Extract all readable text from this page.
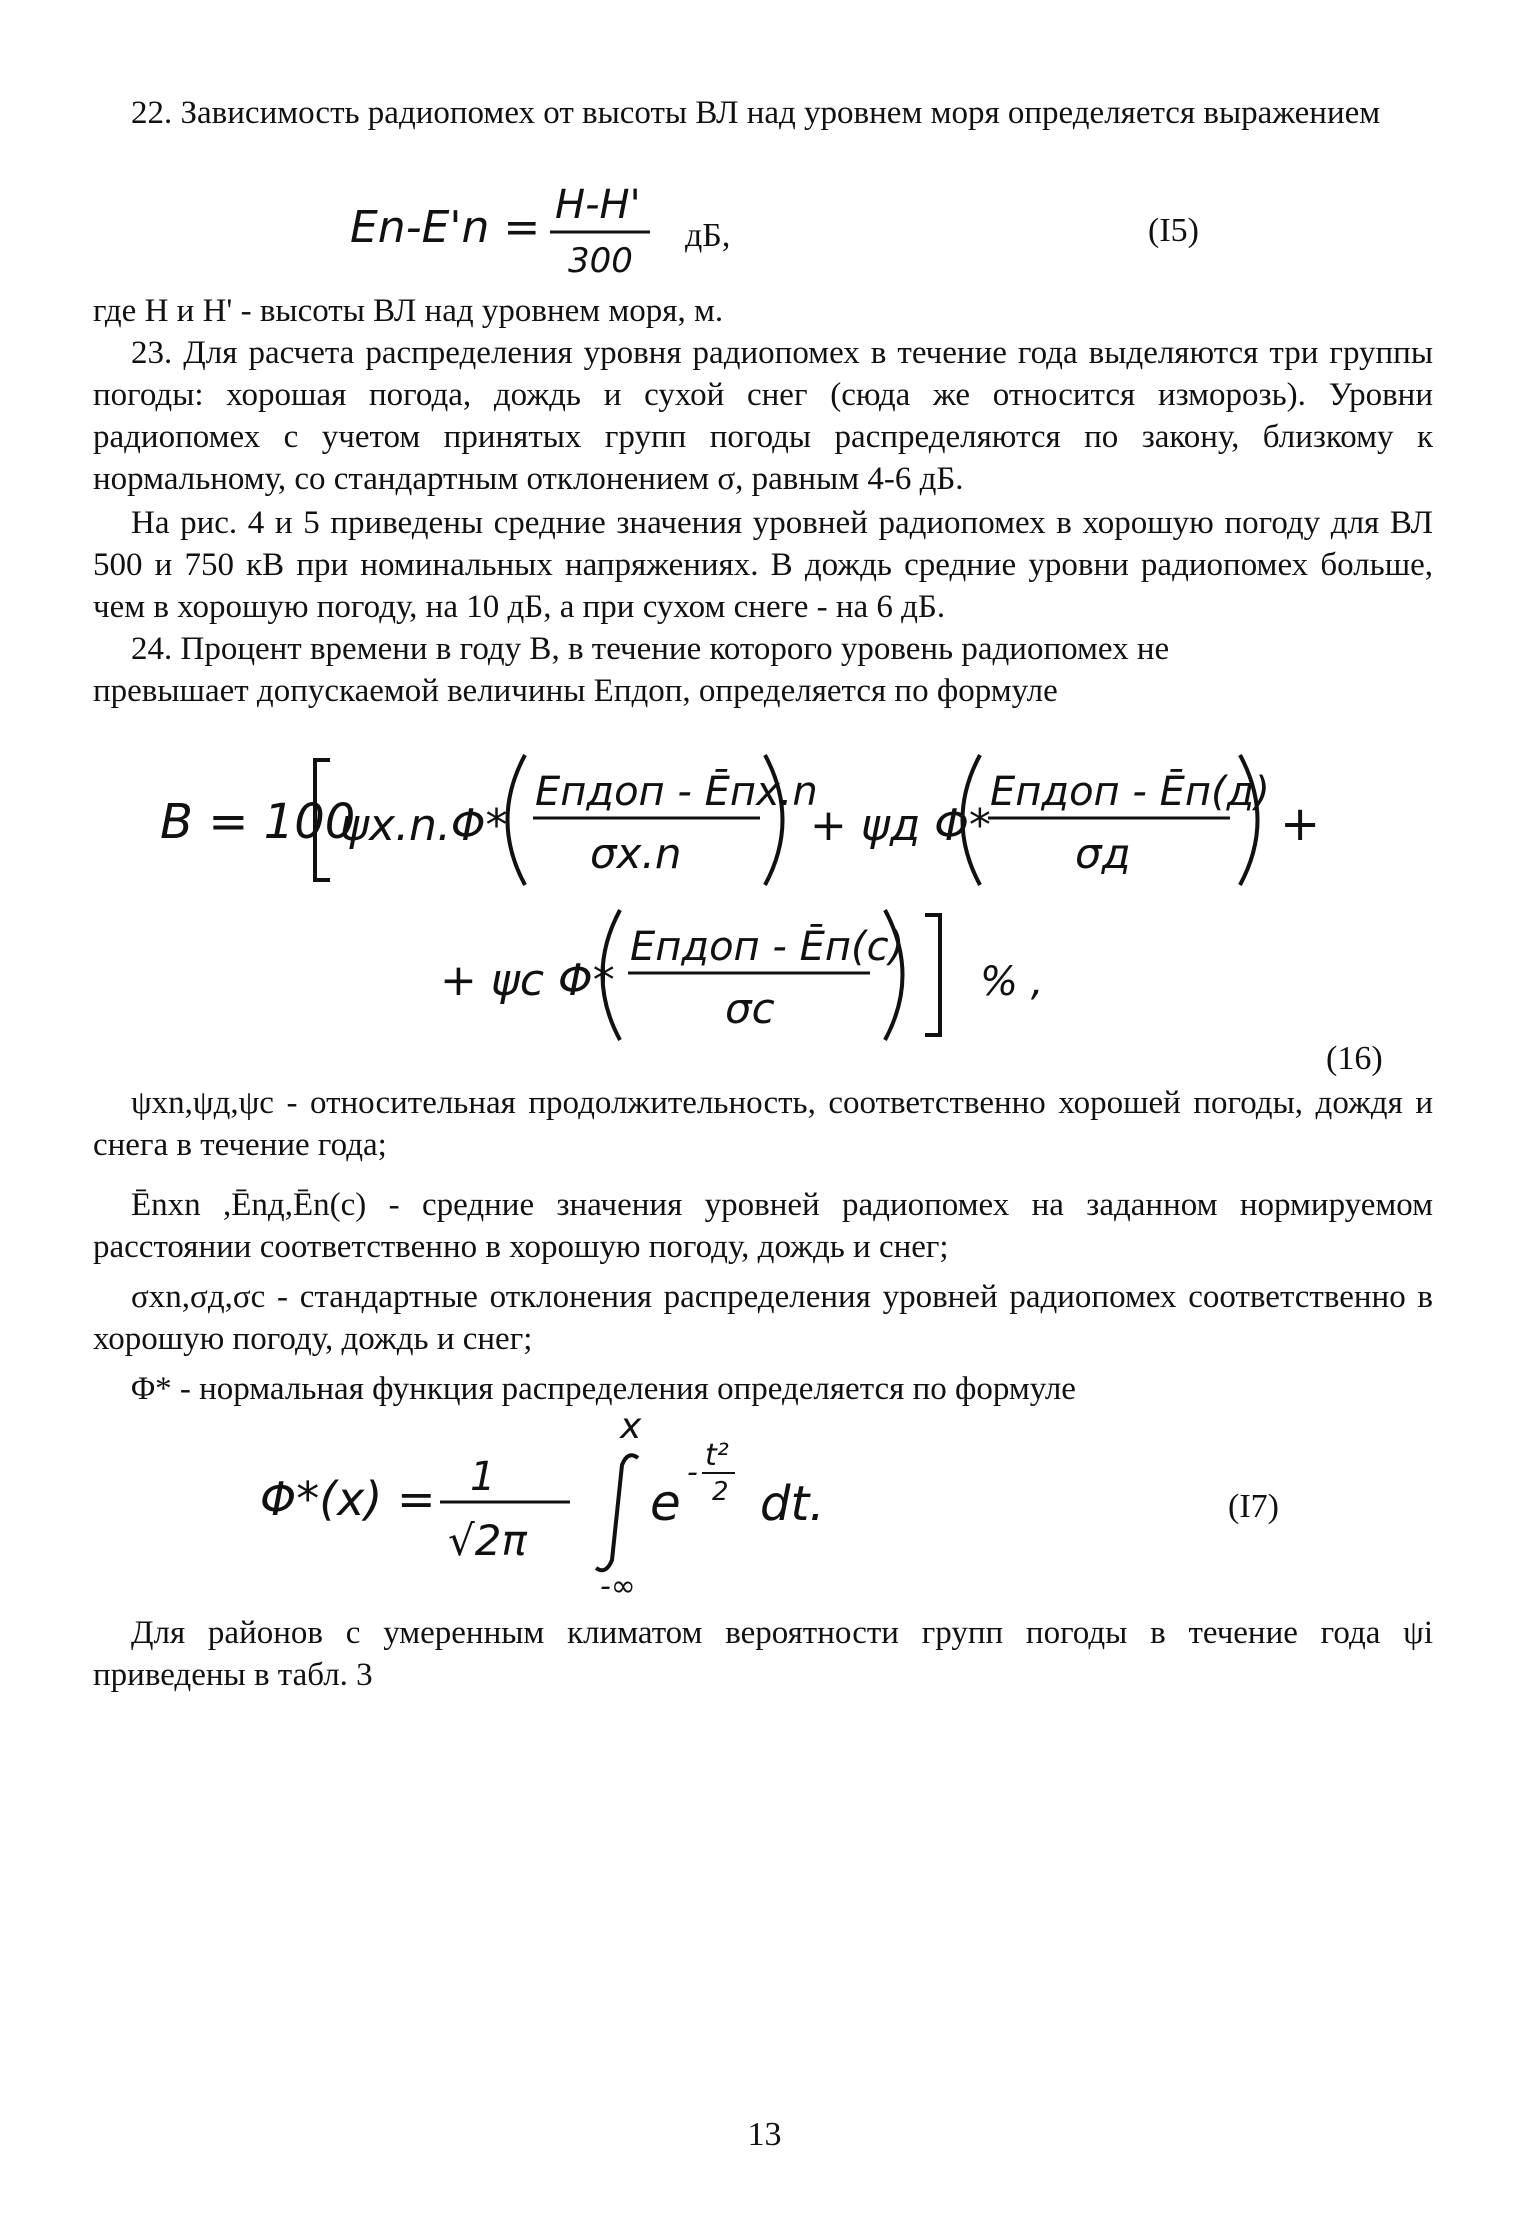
22. Зависимость радиопомех от высоты ВЛ над уровнем моря определяется выражением

En-E'n = H-H'
300
дБ,	(I5)

где H и H' - высоты ВЛ над уровнем моря, м.

23. Для расчета распределения уровня радиопомех в течение года выделяются три группы погоды: хорошая погода, дождь и сухой снег (сюда же относится изморозь). Уровни радиопомех с учетом принятых групп погоды распределяются по закону, близкому к нормальному, со стандартным отклонением σ, равным 4-6 дБ.

На рис. 4 и 5 приведены средние значения уровней радиопомех в хорошую погоду для ВЛ 500 и 750 кВ при номинальных напряжениях. В дождь средние уровни радиопомех больше, чем в хорошую погоду, на 10 дБ, а при сухом снеге - на 6 дБ.

24. Процент времени в году В, в течение которого уровень радиопомех не

превышает допускаемой величины Eпдоп, определяется по формуле

B = 100
ψx.n.Φ*
Eпдоп - Ēпx.n
σx.n
+ ψд Φ*
Eпдоп - Ēп(д)
σд
+
+ ψc Φ*
Eпдоп - Ēп(c)
σc
% ,
(16)

ψxn,ψд,ψc - относительная продолжительность, соответственно хорошей погоды, дождя и снега в течение года;

Ēnxn ,Ēnд,Ēn(c) - средние значения уровней радиопомех на заданном нормируемом расстоянии соответственно в хорошую погоду, дождь и снег;

σxn,σд,σc - стандартные отклонения распределения уровней радиопомех соответственно в хорошую погоду, дождь и снег;

Φ* - нормальная функция распределения определяется по формуле

Φ*(x) = 1
√2π
x
-∞
e
- t²
2 dt.	(I7)

Для районов с умеренным климатом вероятности групп погоды в течение года ψi приведены в табл. 3

13
